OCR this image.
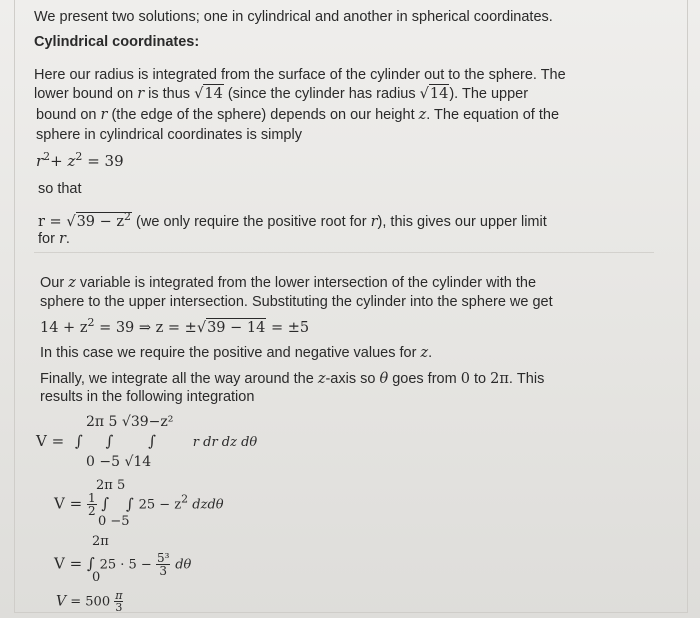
We present two solutions; one in cylindrical and another in spherical coordinates.
Cylindrical coordinates:
Here our radius is integrated from the surface of the cylinder out to the sphere. The
lower bound on r is thus √14 (since the cylinder has radius √14). The upper
bound on r (the edge of the sphere) depends on our height z. The equation of the
sphere in cylindrical coordinates is simply
$r^2+ z^2 = 39$
so that
$r = √39 - z^2$ (we only require the positive root for r), this gives our upper limit
for r.
Our z variable is integrated from the lower intersection of the cylinder with the
sphere to the upper intersection. Substituting the cylinder into the sphere we get
$14 + z^2 = 39$ ⇒ z = ±√39 − 14 = ±5
In this case we require the positive and negative values for z.
Finally, we integrate all the way around the z-axis so θ goes from 0 to 2π. This
results in the following integration
2π 5 √39−z²
V = ∫ ∫ ∫	r dr dz dθ
0 −5 √14
2π 5
$V = \frac{1}{2}$ ∫ ∫ $25 - z^2$ dzdθ
0 −5
2π
V = ∫ $25 \cdot 5 - \frac{\text{5³}}{3}$ dθ
0
$V = 500 \frac{\pi}{3}$
